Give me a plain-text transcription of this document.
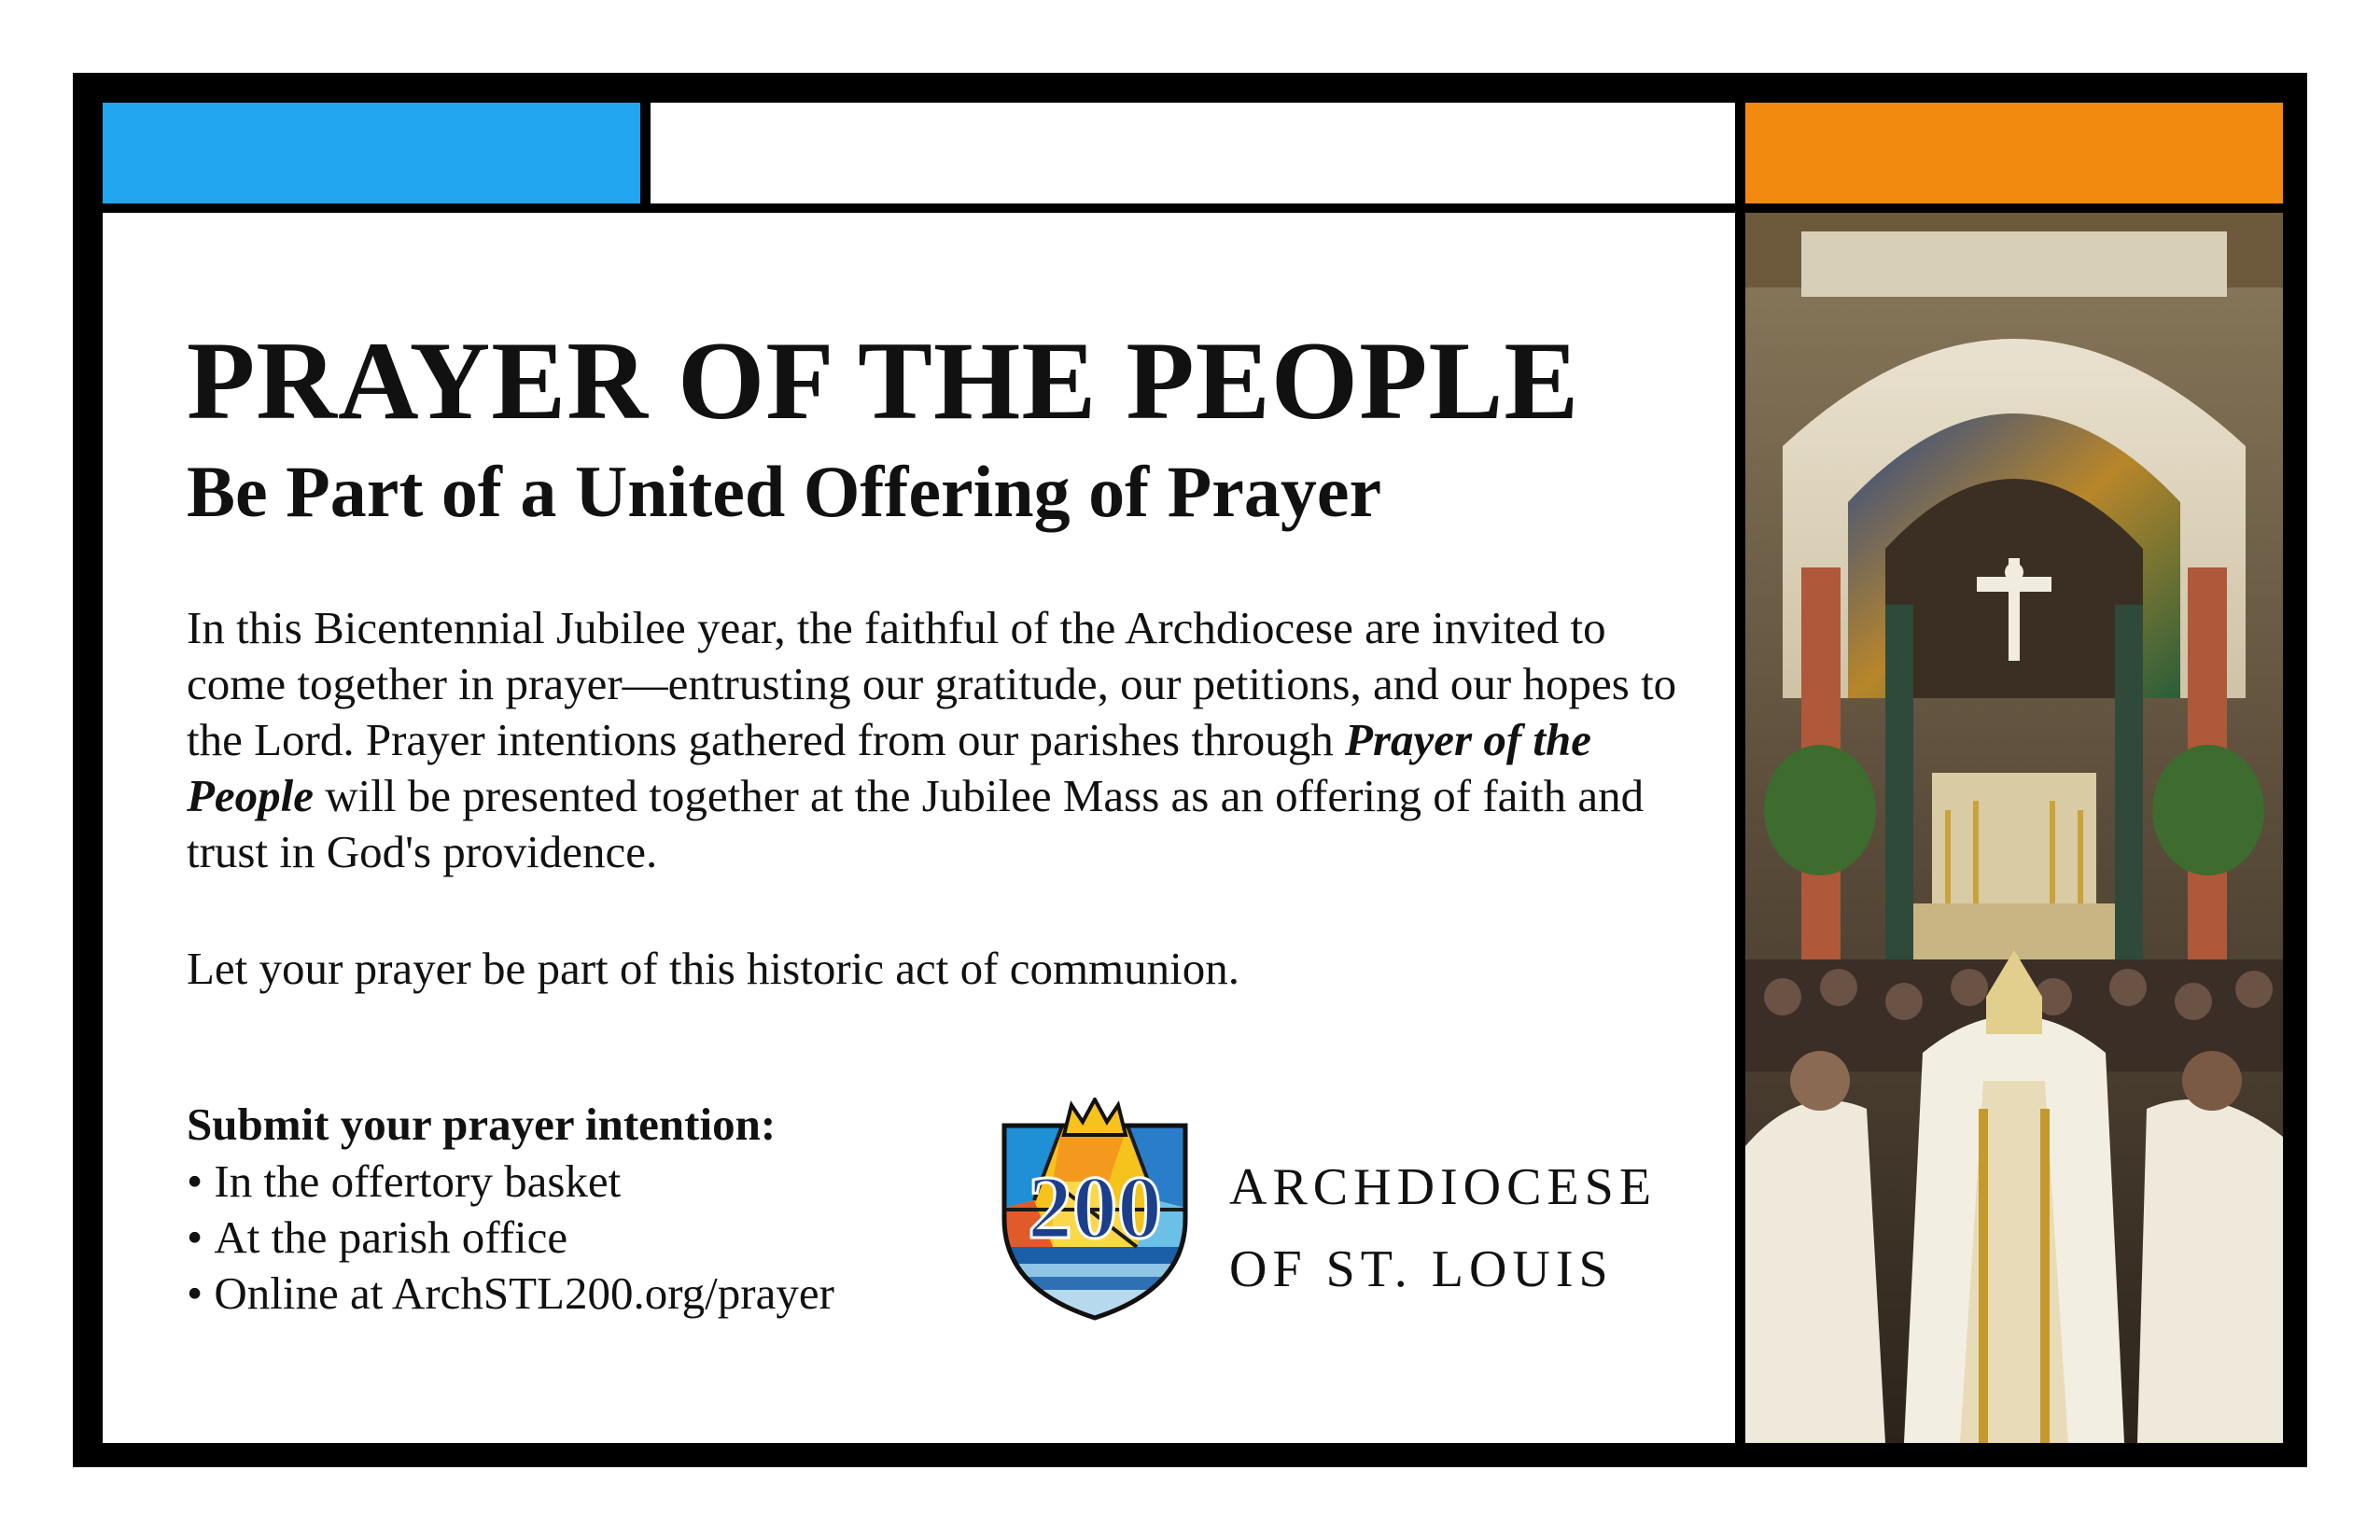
PRAYER OF THE PEOPLE
Be Part of a United Offering of Prayer
In this Bicentennial Jubilee year, the faithful of the Archdiocese are invited to come together in prayer—entrusting our gratitude, our petitions, and our hopes to the Lord. Prayer intentions gathered from our parishes through Prayer of the People will be presented together at the Jubilee Mass as an offering of faith and trust in God's providence.
Let your prayer be part of this historic act of communion.
Submit your prayer intention:
• In the offertory basket
• At the parish office
• Online at ArchSTL200.org/prayer
200 ARCHDIOCESE
OF ST. LOUIS
